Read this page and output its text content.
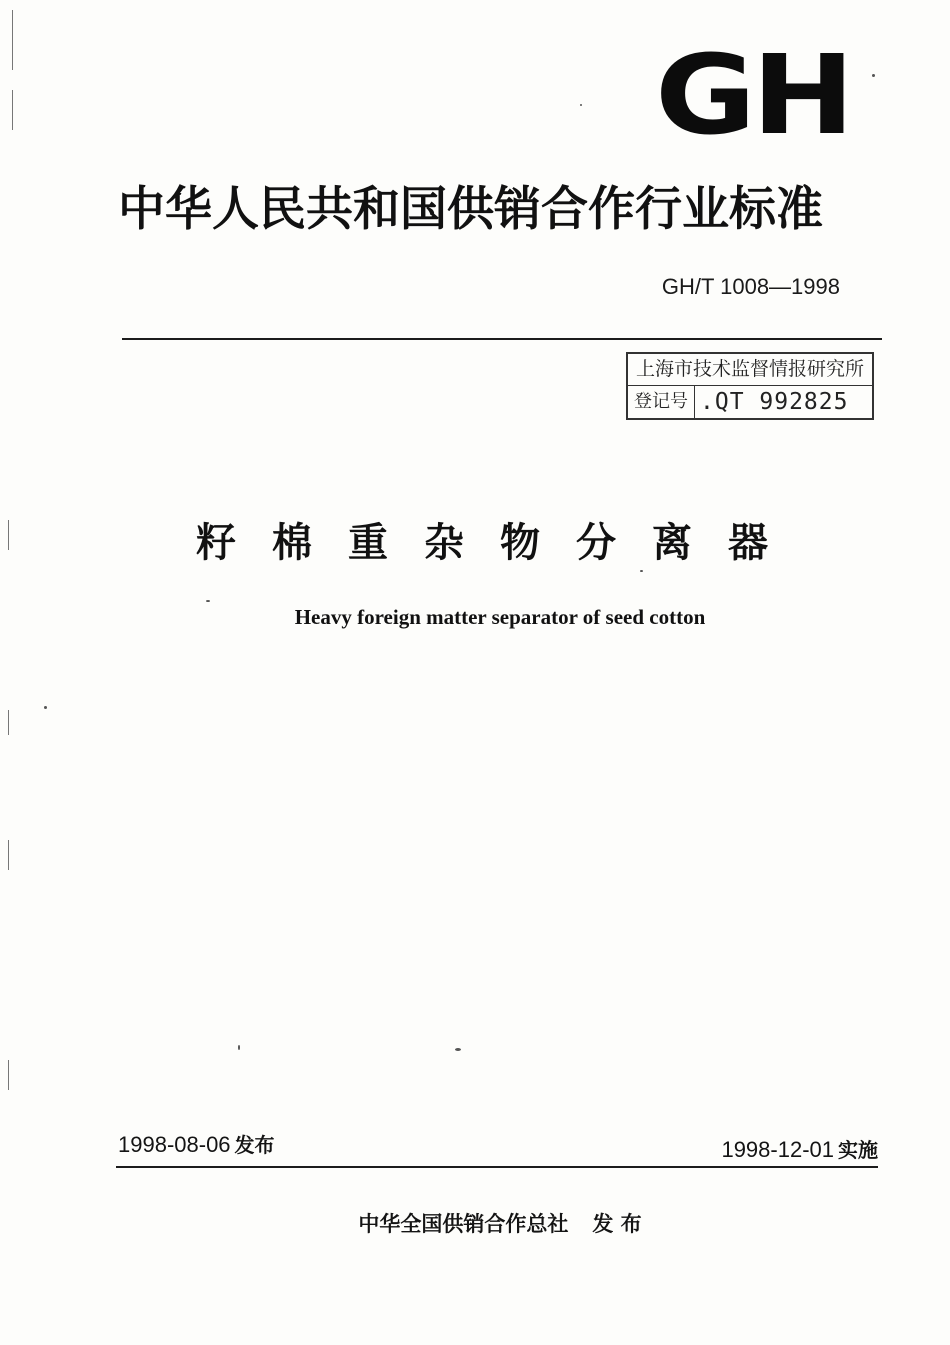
GH
中华人民共和国供销合作行业标准
GH/T 1008—1998
上海市技术监督情报研究所
登记号 .QT 992825
籽棉重杂物分离器
Heavy foreign matter separator of seed cotton
1998-08-06 发布	1998-12-01 实施
中华全国供销合作总社 发 布
